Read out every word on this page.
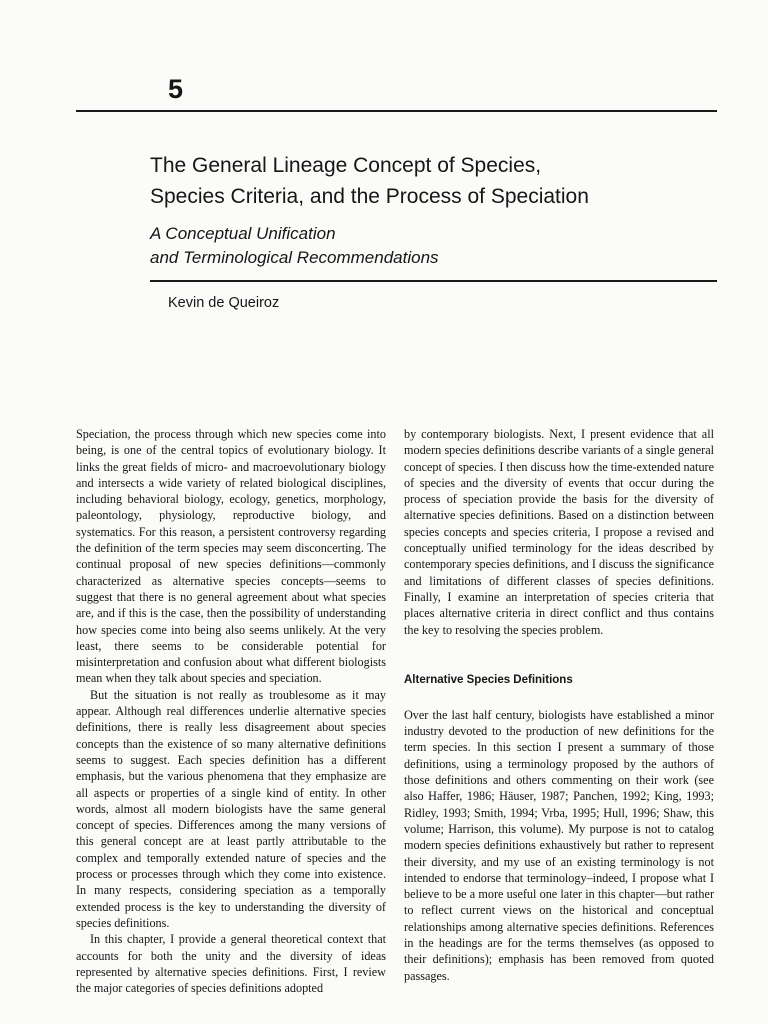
5
The General Lineage Concept of Species,
Species Criteria, and the Process of Speciation
A Conceptual Unification
and Terminological Recommendations
Kevin de Queiroz

Speciation, the process through which new species come into being, is one of the central topics of evolutionary biology. It links the great fields of micro- and macroevolutionary biology and intersects a wide variety of related biological disciplines, including behavioral biology, ecology, genetics, morphology, paleontology, physiology, reproductive biology, and systematics. For this reason, a persistent controversy regarding the definition of the term species may seem disconcerting. The continual proposal of new species definitions—commonly characterized as alternative species concepts—seems to suggest that there is no general agreement about what species are, and if this is the case, then the possibility of understanding how species come into being also seems unlikely. At the very least, there seems to be considerable potential for misinterpretation and confusion about what different biologists mean when they talk about species and speciation.

But the situation is not really as troublesome as it may appear. Although real differences underlie alternative species definitions, there is really less disagreement about species concepts than the existence of so many alternative definitions seems to suggest. Each species definition has a different emphasis, but the various phenomena that they emphasize are all aspects or properties of a single kind of entity. In other words, almost all modern biologists have the same general concept of species. Differences among the many versions of this general concept are at least partly attributable to the complex and temporally extended nature of species and the process or processes through which they come into existence. In many respects, considering speciation as a temporally extended process is the key to understanding the diversity of species definitions.

In this chapter, I provide a general theoretical context that accounts for both the unity and the diversity of ideas represented by alternative species definitions. First, I review the major categories of species definitions adopted

by contemporary biologists. Next, I present evidence that all modern species definitions describe variants of a single general concept of species. I then discuss how the time-extended nature of species and the diversity of events that occur during the process of speciation provide the basis for the diversity of alternative species definitions. Based on a distinction between species concepts and species criteria, I propose a revised and conceptually unified terminology for the ideas described by contemporary species definitions, and I discuss the significance and limitations of different classes of species definitions. Finally, I examine an interpretation of species criteria that places alternative criteria in direct conflict and thus contains the key to resolving the species problem.

Alternative Species Definitions

Over the last half century, biologists have established a minor industry devoted to the production of new definitions for the term species. In this section I present a summary of those definitions, using a terminology proposed by the authors of those definitions and others commenting on their work (see also Haffer, 1986; Häuser, 1987; Panchen, 1992; King, 1993; Ridley, 1993; Smith, 1994; Vrba, 1995; Hull, 1996; Shaw, this volume; Harrison, this volume). My purpose is not to catalog modern species definitions exhaustively but rather to represent their diversity, and my use of an existing terminology is not intended to endorse that terminology–indeed, I propose what I believe to be a more useful one later in this chapter—but rather to reflect current views on the historical and conceptual relationships among alternative species definitions. References in the headings are for the terms themselves (as opposed to their definitions); emphasis has been removed from quoted passages.
